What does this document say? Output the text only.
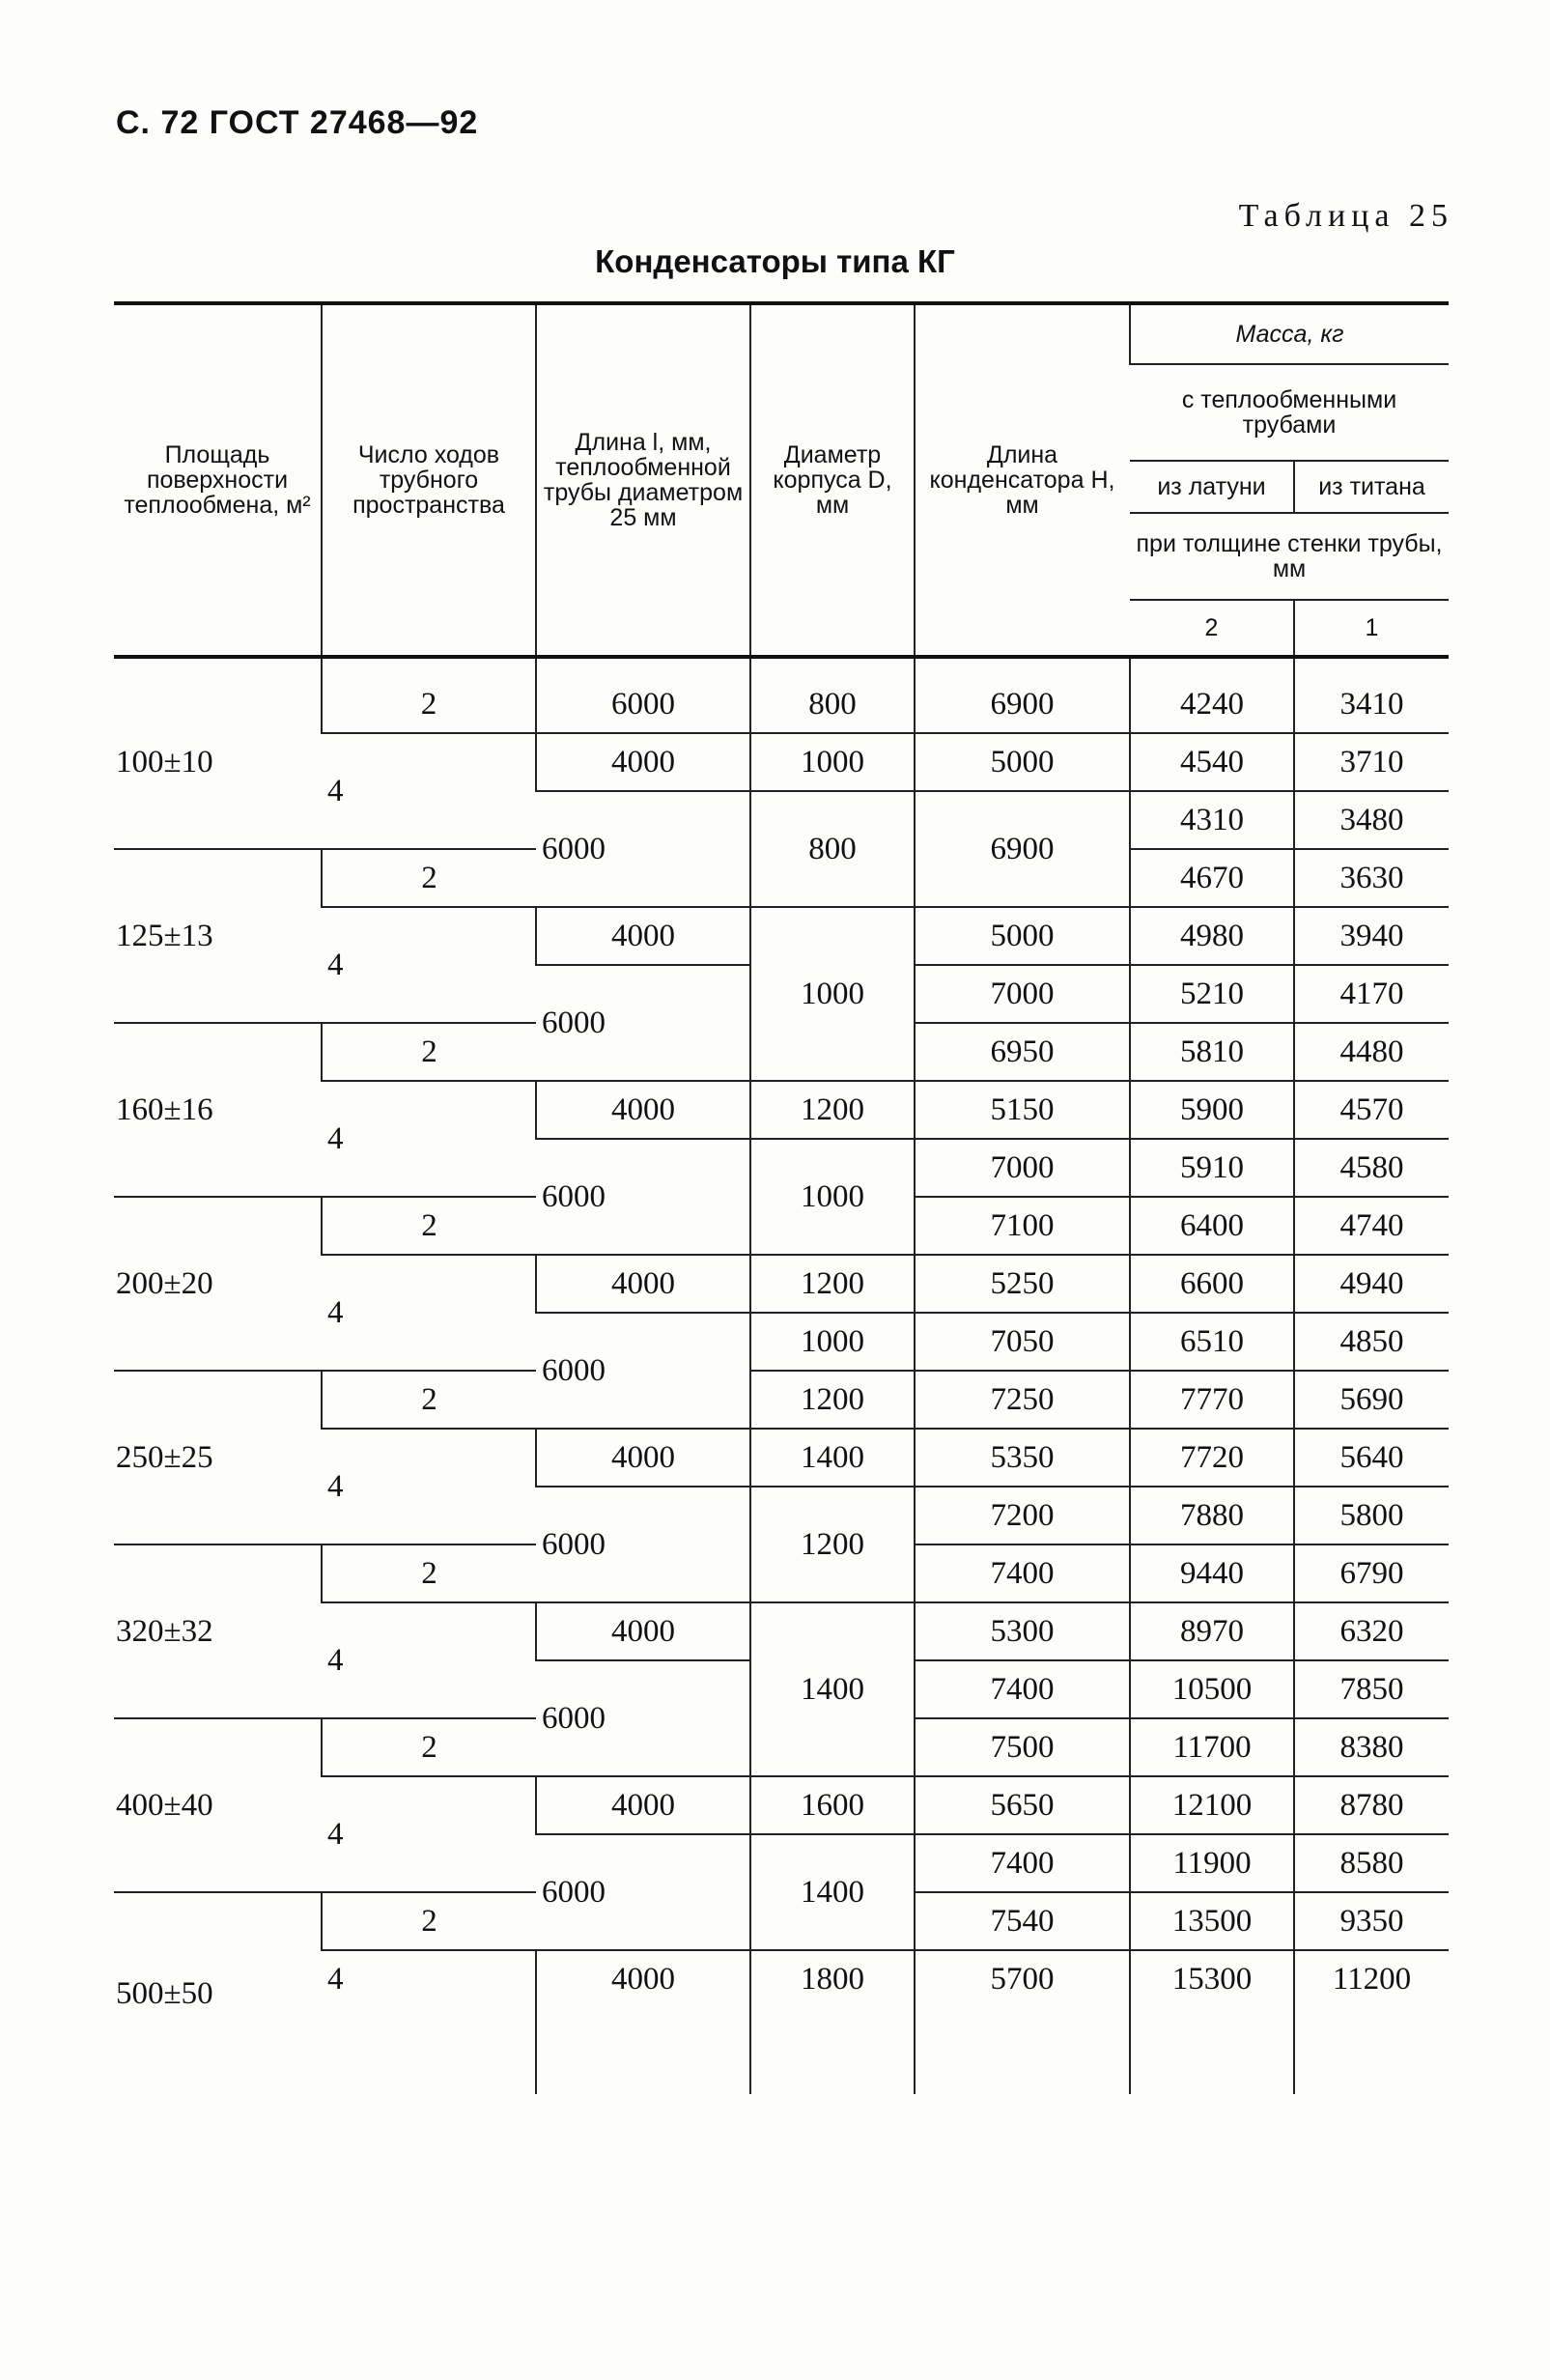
С. 72 ГОСТ 27468—92
Таблица 25
Конденсаторы типа КГ
Площадь поверхности теплообмена, м²	Число ходов трубного пространства	Длина l, мм, теплообменной трубы диаметром 25 мм	Диаметр корпуса D, мм	Длина конденсатора H, мм	Масса, кг	
					с теплообменными трубами	
					из латуни	из титана
					при толщине стенки трубы, мм	
					2	1

100±10	2	6000	800	6900	4240	3410
	4	4000	1000	5000	4540	3710
		6000	800	6900	4310	3480
125±13	2				4670	3630
	4	4000	1000	5000	4980	3940
		6000		7000	5210	4170
160±16	2			6950	5810	4480
	4	4000	1200	5150	5900	4570
		6000	1000	7000	5910	4580
200±20	2			7100	6400	4740
	4	4000	1200	5250	6600	4940
		6000	1000	7050	6510	4850
250±25	2		1200	7250	7770	5690
	4	4000	1400	5350	7720	5640
		6000	1200	7200	7880	5800
320±32	2			7400	9440	6790
	4	4000	1400	5300	8970	6320
		6000		7400	10500	7850
400±40	2			7500	11700	8380
	4	4000	1600	5650	12100	8780
		6000	1400	7400	11900	8580
500±50	2			7540	13500	9350
	4	4000	1800	5700	15300	11200
